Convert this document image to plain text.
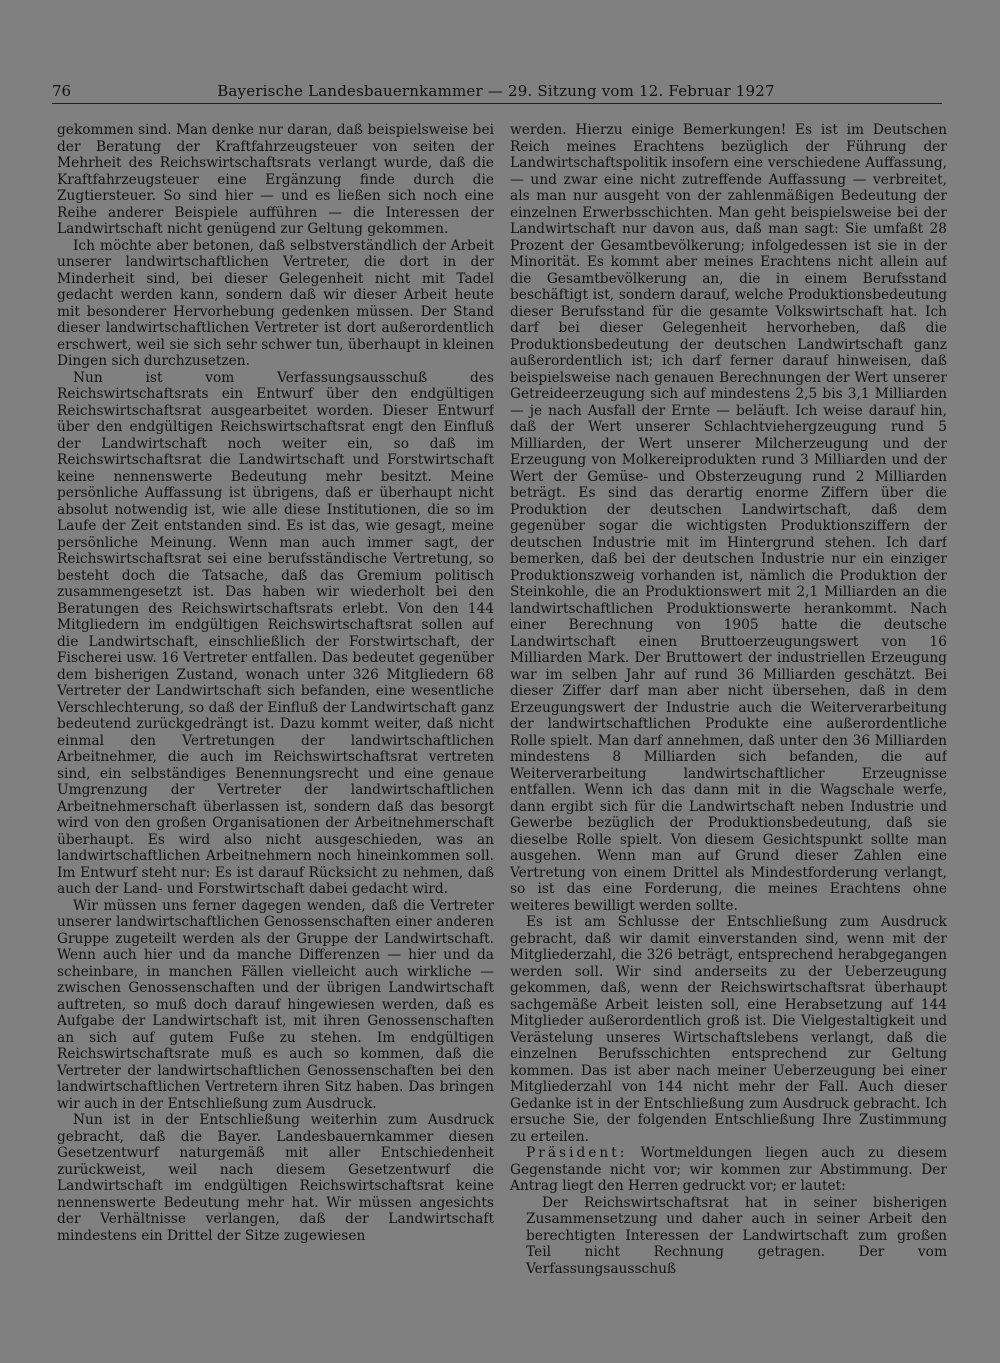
76	Bayerische Landesbauernkammer — 29. Sitzung vom 12. Februar 1927

gekommen sind. Man denke nur daran, daß beispielsweise bei der Beratung der Kraftfahrzeugsteuer von seiten der Mehrheit des Reichswirtschaftsrats verlangt wurde, daß die Kraftfahrzeugsteuer eine Ergänzung finde durch die Zugtiersteuer. So sind hier — und es ließen sich noch eine Reihe anderer Beispiele aufführen — die Interessen der Landwirtschaft nicht genügend zur Geltung gekommen.

Ich möchte aber betonen, daß selbstverständlich der Arbeit unserer landwirtschaftlichen Vertreter, die dort in der Minderheit sind, bei dieser Gelegenheit nicht mit Tadel gedacht werden kann, sondern daß wir dieser Arbeit heute mit besonderer Hervorhebung gedenken müssen. Der Stand dieser landwirtschaftlichen Vertreter ist dort außerordentlich erschwert, weil sie sich sehr schwer tun, überhaupt in kleinen Dingen sich durchzusetzen.

Nun ist vom Verfassungsausschuß des Reichswirtschaftsrats ein Entwurf über den endgültigen Reichswirtschaftsrat ausgearbeitet worden. Dieser Entwurf über den endgültigen Reichswirtschaftsrat engt den Einfluß der Landwirtschaft noch weiter ein, so daß im Reichswirtschaftsrat die Landwirtschaft und Forstwirtschaft keine nennenswerte Bedeutung mehr besitzt. Meine persönliche Auffassung ist übrigens, daß er überhaupt nicht absolut notwendig ist, wie alle diese Institutionen, die so im Laufe der Zeit entstanden sind. Es ist das, wie gesagt, meine persönliche Meinung. Wenn man auch immer sagt, der Reichswirtschaftsrat sei eine berufsständische Vertretung, so besteht doch die Tatsache, daß das Gremium politisch zusammengesetzt ist. Das haben wir wiederholt bei den Beratungen des Reichswirtschaftsrats erlebt. Von den 144 Mitgliedern im endgültigen Reichswirtschaftsrat sollen auf die Landwirtschaft, einschließlich der Forstwirtschaft, der Fischerei usw. 16 Vertreter entfallen. Das bedeutet gegenüber dem bisherigen Zustand, wonach unter 326 Mitgliedern 68 Vertreter der Landwirtschaft sich befanden, eine wesentliche Verschlechterung, so daß der Einfluß der Landwirtschaft ganz bedeutend zurückgedrängt ist. Dazu kommt weiter, daß nicht einmal den Vertretungen der landwirtschaftlichen Arbeitnehmer, die auch im Reichswirtschaftsrat vertreten sind, ein selbständiges Benennungsrecht und eine genaue Umgrenzung der Vertreter der landwirtschaftlichen Arbeitnehmerschaft überlassen ist, sondern daß das besorgt wird von den großen Organisationen der Arbeitnehmerschaft überhaupt. Es wird also nicht ausgeschieden, was an landwirtschaftlichen Arbeitnehmern noch hineinkommen soll. Im Entwurf steht nur: Es ist darauf Rücksicht zu nehmen, daß auch der Land- und Forstwirtschaft dabei gedacht wird.

Wir müssen uns ferner dagegen wenden, daß die Vertreter unserer landwirtschaftlichen Genossenschaften einer anderen Gruppe zugeteilt werden als der Gruppe der Landwirtschaft. Wenn auch hier und da manche Differenzen — hier und da scheinbare, in manchen Fällen vielleicht auch wirkliche — zwischen Genossenschaften und der übrigen Landwirtschaft auftreten, so muß doch darauf hingewiesen werden, daß es Aufgabe der Landwirtschaft ist, mit ihren Genossenschaften an sich auf gutem Fuße zu stehen. Im endgültigen Reichswirtschaftsrate muß es auch so kommen, daß die Vertreter der landwirtschaftlichen Genossenschaften bei den landwirtschaftlichen Vertretern ihren Sitz haben. Das bringen wir auch in der Entschließung zum Ausdruck.

Nun ist in der Entschließung weiterhin zum Ausdruck gebracht, daß die Bayer. Landesbauernkammer diesen Gesetzentwurf naturgemäß mit aller Entschiedenheit zurückweist, weil nach diesem Gesetzentwurf die Landwirtschaft im endgültigen Reichswirtschaftsrat keine nennenswerte Bedeutung mehr hat. Wir müssen angesichts der Verhältnisse verlangen, daß der Landwirtschaft mindestens ein Drittel der Sitze zugewiesen

werden. Hierzu einige Bemerkungen! Es ist im Deutschen Reich meines Erachtens bezüglich der Führung der Landwirtschaftspolitik insofern eine verschiedene Auffassung, — und zwar eine nicht zutreffende Auffassung — verbreitet, als man nur ausgeht von der zahlenmäßigen Bedeutung der einzelnen Erwerbsschichten. Man geht beispielsweise bei der Landwirtschaft nur davon aus, daß man sagt: Sie umfaßt 28 Prozent der Gesamtbevölkerung; infolgedessen ist sie in der Minorität. Es kommt aber meines Erachtens nicht allein auf die Gesamtbevölkerung an, die in einem Berufsstand beschäftigt ist, sondern darauf, welche Produktionsbedeutung dieser Berufsstand für die gesamte Volkswirtschaft hat. Ich darf bei dieser Gelegenheit hervorheben, daß die Produktionsbedeutung der deutschen Landwirtschaft ganz außerordentlich ist; ich darf ferner darauf hinweisen, daß beispielsweise nach genauen Berechnungen der Wert unserer Getreideerzeugung sich auf mindestens 2,5 bis 3,1 Milliarden — je nach Ausfall der Ernte — beläuft. Ich weise darauf hin, daß der Wert unserer Schlachtviehergzeugung rund 5 Milliarden, der Wert unserer Milcherzeugung und der Erzeugung von Molkereiprodukten rund 3 Milliarden und der Wert der Gemüse- und Obsterzeugung rund 2 Milliarden beträgt. Es sind das derartig enorme Ziffern über die Produktion der deutschen Landwirtschaft, daß dem gegenüber sogar die wichtigsten Produktionsziffern der deutschen Industrie mit im Hintergrund stehen. Ich darf bemerken, daß bei der deutschen Industrie nur ein einziger Produktionszweig vorhanden ist, nämlich die Produktion der Steinkohle, die an Produktionswert mit 2,1 Milliarden an die landwirtschaftlichen Produktionswerte herankommt. Nach einer Berechnung von 1905 hatte die deutsche Landwirtschaft einen Bruttoerzeugungswert von 16 Milliarden Mark. Der Bruttowert der industriellen Erzeugung war im selben Jahr auf rund 36 Milliarden geschätzt. Bei dieser Ziffer darf man aber nicht übersehen, daß in dem Erzeugungswert der Industrie auch die Weiterverarbeitung der landwirtschaftlichen Produkte eine außerordentliche Rolle spielt. Man darf annehmen, daß unter den 36 Milliarden mindestens 8 Milliarden sich befanden, die auf Weiterverarbeitung landwirtschaftlicher Erzeugnisse entfallen. Wenn ich das dann mit in die Wagschale werfe, dann ergibt sich für die Landwirtschaft neben Industrie und Gewerbe bezüglich der Produktionsbedeutung, daß sie dieselbe Rolle spielt. Von diesem Gesichtspunkt sollte man ausgehen. Wenn man auf Grund dieser Zahlen eine Vertretung von einem Drittel als Mindestforderung verlangt, so ist das eine Forderung, die meines Erachtens ohne weiteres bewilligt werden sollte.

Es ist am Schlusse der Entschließung zum Ausdruck gebracht, daß wir damit einverstanden sind, wenn mit der Mitgliederzahl, die 326 beträgt, entsprechend herabgegangen werden soll. Wir sind anderseits zu der Ueberzeugung gekommen, daß, wenn der Reichswirtschaftsrat überhaupt sachgemäße Arbeit leisten soll, eine Herabsetzung auf 144 Mitglieder außerordentlich groß ist. Die Vielgestaltigkeit und Verästelung unseres Wirtschaftslebens verlangt, daß die einzelnen Berufsschichten entsprechend zur Geltung kommen. Das ist aber nach meiner Ueberzeugung bei einer Mitgliederzahl von 144 nicht mehr der Fall. Auch dieser Gedanke ist in der Entschließung zum Ausdruck gebracht. Ich ersuche Sie, der folgenden Entschließung Ihre Zustimmung zu erteilen.

Präsident: Wortmeldungen liegen auch zu diesem Gegenstande nicht vor; wir kommen zur Abstimmung. Der Antrag liegt den Herren gedruckt vor; er lautet:

Der Reichswirtschaftsrat hat in seiner bisherigen Zusammensetzung und daher auch in seiner Arbeit den berechtigten Interessen der Landwirtschaft zum großen Teil nicht Rechnung getragen. Der vom Verfassungsausschuß
